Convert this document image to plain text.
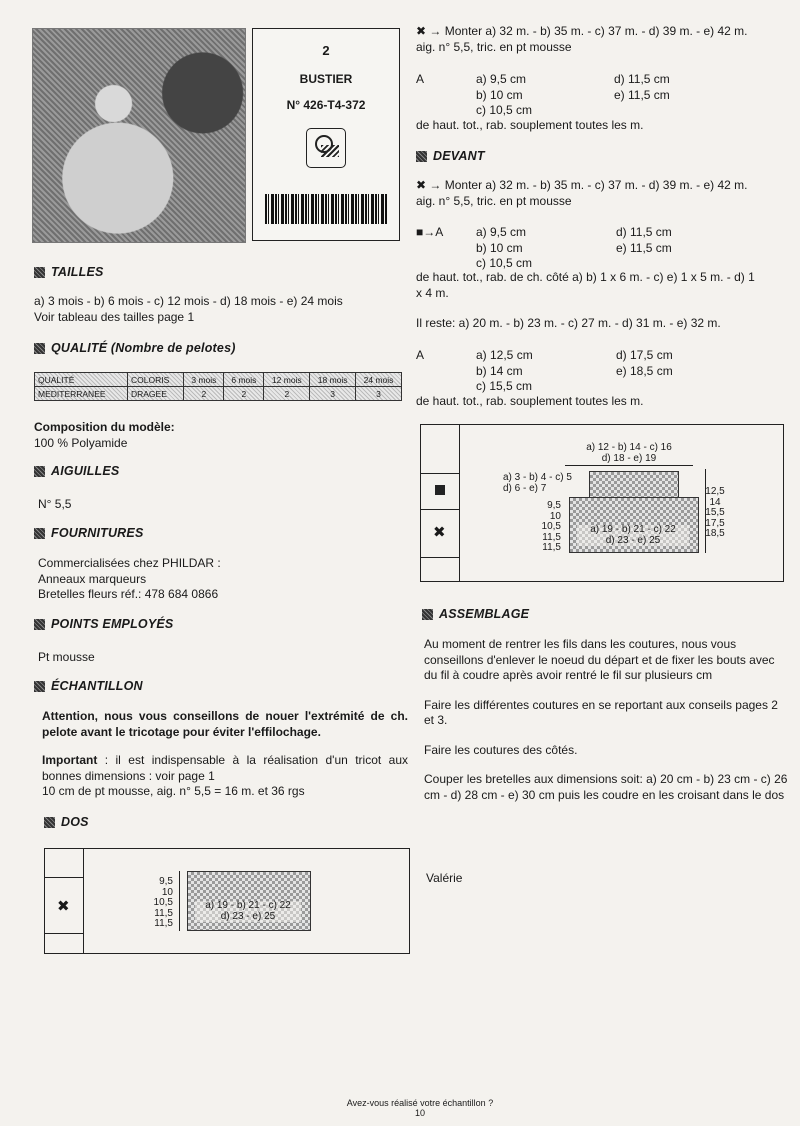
2
BUSTIER
N° 426-T4-372
TAILLES
a) 3 mois - b) 6 mois - c) 12 mois - d) 18 mois - e) 24 mois
Voir tableau des tailles page 1
QUALITÉ (Nombre de pelotes)
QUALITÉ	COLORIS	3 mois	6 mois	12 mois	18 mois	24 mois
MEDITERRANEE	DRAGEE	2	2	2	3	3
Composition du modèle:
100 % Polyamide
AIGUILLES
N° 5,5
FOURNITURES
Commercialisées chez PHILDAR :
Anneaux marqueurs
Bretelles fleurs réf.: 478 684 0866
POINTS EMPLOYÉS
Pt mousse
ÉCHANTILLON
Attention, nous vous conseillons de nouer l'extrémité de ch. pelote avant le tricotage pour éviter l'effilochage.
Important : il est indispensable à la réalisation d'un tricot aux bonnes dimensions : voir page 1
10 cm de pt mousse, aig. n° 5,5 = 16 m. et 36 rgs
DOS
✖
9,5
10
10,5
11,5
11,5
a) 19 - b) 21 - c) 22
d) 23 - e) 25
✖ → Monter a) 32 m. - b) 35 m. - c) 37 m. - d) 39 m. - e) 42 m.
aig. n° 5,5, tric. en pt mousse
A	a) 9,5 cm
b) 10 cm
c) 10,5 cm
d) 11,5 cm
e) 11,5 cm
de haut. tot., rab. souplement toutes les m.
DEVANT
✖ → Monter a) 32 m. - b) 35 m. - c) 37 m. - d) 39 m. - e) 42 m.
aig. n° 5,5, tric. en pt mousse
■→A	a) 9,5 cm
b) 10 cm
c) 10,5 cm
d) 11,5 cm
e) 11,5 cm
de haut. tot., rab. de ch. côté a) b) 1 x 6 m. - c) e) 1 x 5 m. - d) 1
x 4 m.
Il reste: a) 20 m. - b) 23 m. - c) 27 m. - d) 31 m. - e) 32 m.
A	a) 12,5 cm
b) 14 cm
c) 15,5 cm
d) 17,5 cm
e) 18,5 cm
de haut. tot., rab. souplement toutes les m.
✖
a) 12 - b) 14 - c) 16
d) 18 - e) 19
a) 3 - b) 4 - c) 5
d) 6 - e) 7
9,5
10
10,5
11,5
11,5
a) 19 - b) 21 - c) 22
d) 23 - e) 25
12,5
14
15,5
17,5
18,5
ASSEMBLAGE
Au moment de rentrer les fils dans les coutures, nous vous conseillons d'enlever le noeud du départ et de fixer les bouts avec du fil à coudre après avoir rentré le fil sur plusieurs cm
Faire les différentes coutures en se reportant aux conseils pages 2 et 3.
Faire les coutures des côtés.
Couper les bretelles aux dimensions soit: a) 20 cm - b) 23 cm - c) 26 cm - d) 28 cm - e) 30 cm puis les coudre en les croisant dans le dos
Valérie
Avez-vous réalisé votre échantillon ?
10
